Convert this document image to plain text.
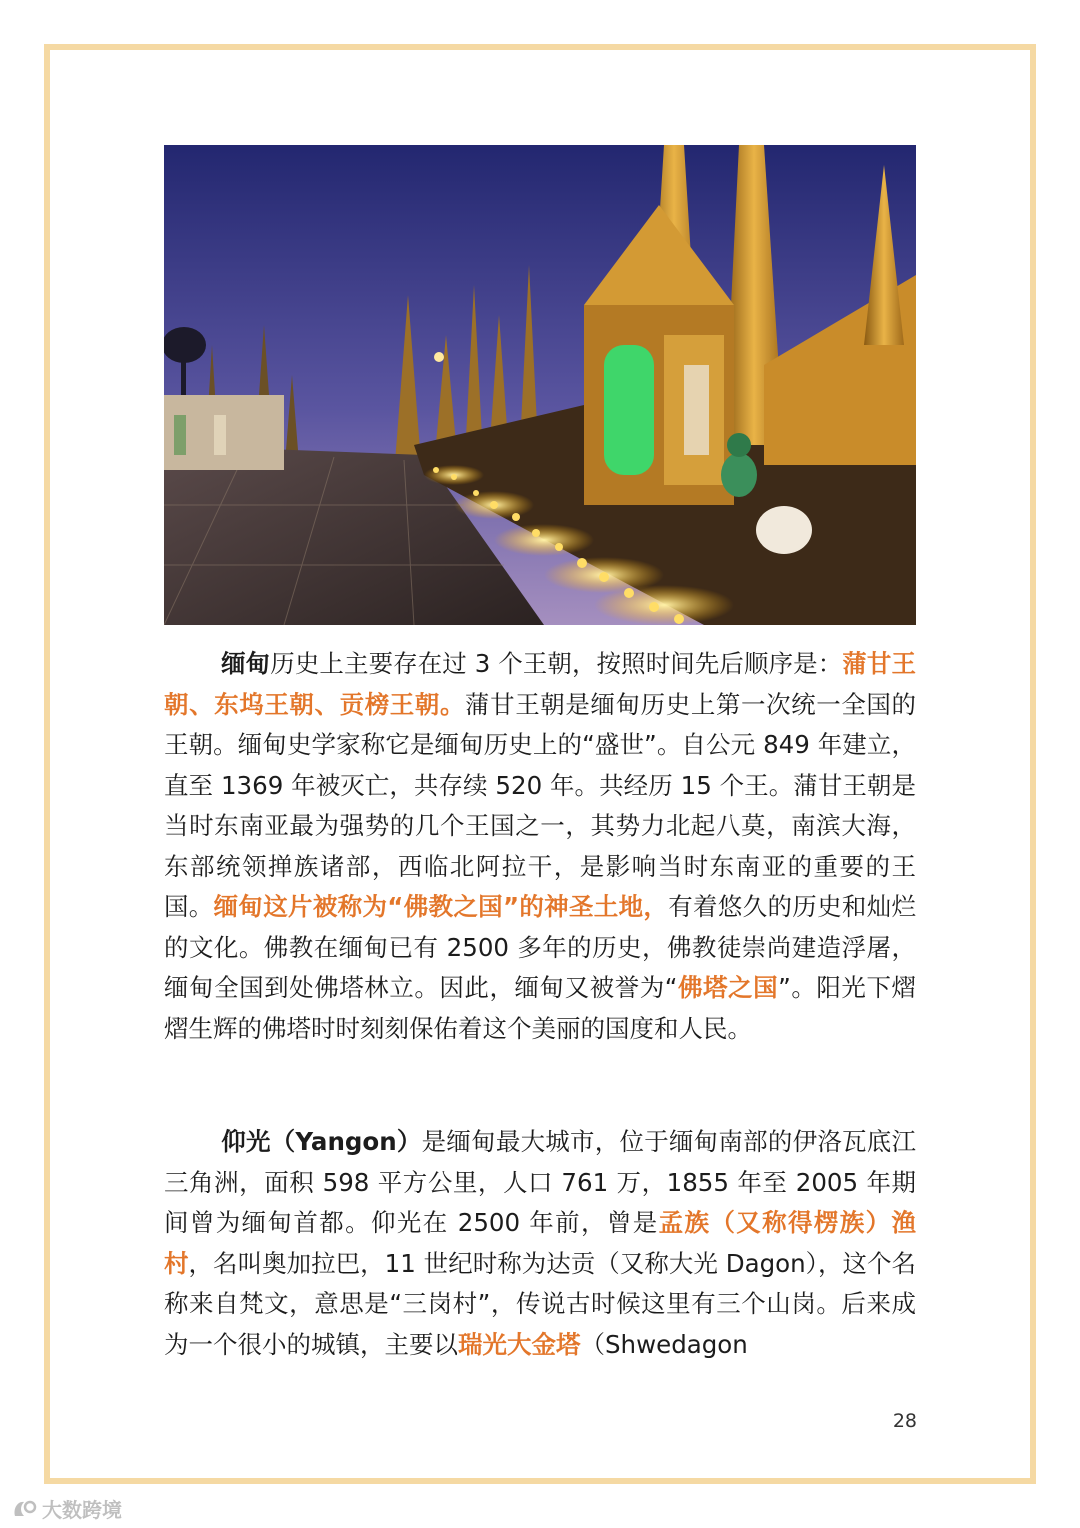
缅甸历史上主要存在过 3 个王朝，按照时间先后顺序是：蒲甘王朝、东坞王朝、贡榜王朝。蒲甘王朝是缅甸历史上第一次统一全国的王朝。缅甸史学家称它是缅甸历史上的“盛世”。自公元 849 年建立，直至 1369 年被灭亡，共存续 520 年。共经历 15 个王。蒲甘王朝是当时东南亚最为强势的几个王国之一，其势力北起八莫，南滨大海，东部统领掸族诸部，西临北阿拉干，是影响当时东南亚的重要的王国。缅甸这片被称为“佛教之国”的神圣土地，有着悠久的历史和灿烂的文化。佛教在缅甸已有 2500 多年的历史，佛教徒崇尚建造浮屠，缅甸全国到处佛塔林立。因此，缅甸又被誉为“佛塔之国”。阳光下熠熠生辉的佛塔时时刻刻保佑着这个美丽的国度和人民。
仰光（Yangon）是缅甸最大城市，位于缅甸南部的伊洛瓦底江三角洲，面积 598 平方公里，人口 761 万，1855 年至 2005 年期间曾为缅甸首都。仰光在 2500 年前，曾是孟族（又称得楞族）渔村，名叫奥加拉巴，11 世纪时称为达贡（又称大光 Dagon），这个名称来自梵文，意思是“三岗村”，传说古时候这里有三个山岗。后来成为一个很小的城镇，主要以瑞光大金塔（Shwedagon
28
大数跨境
